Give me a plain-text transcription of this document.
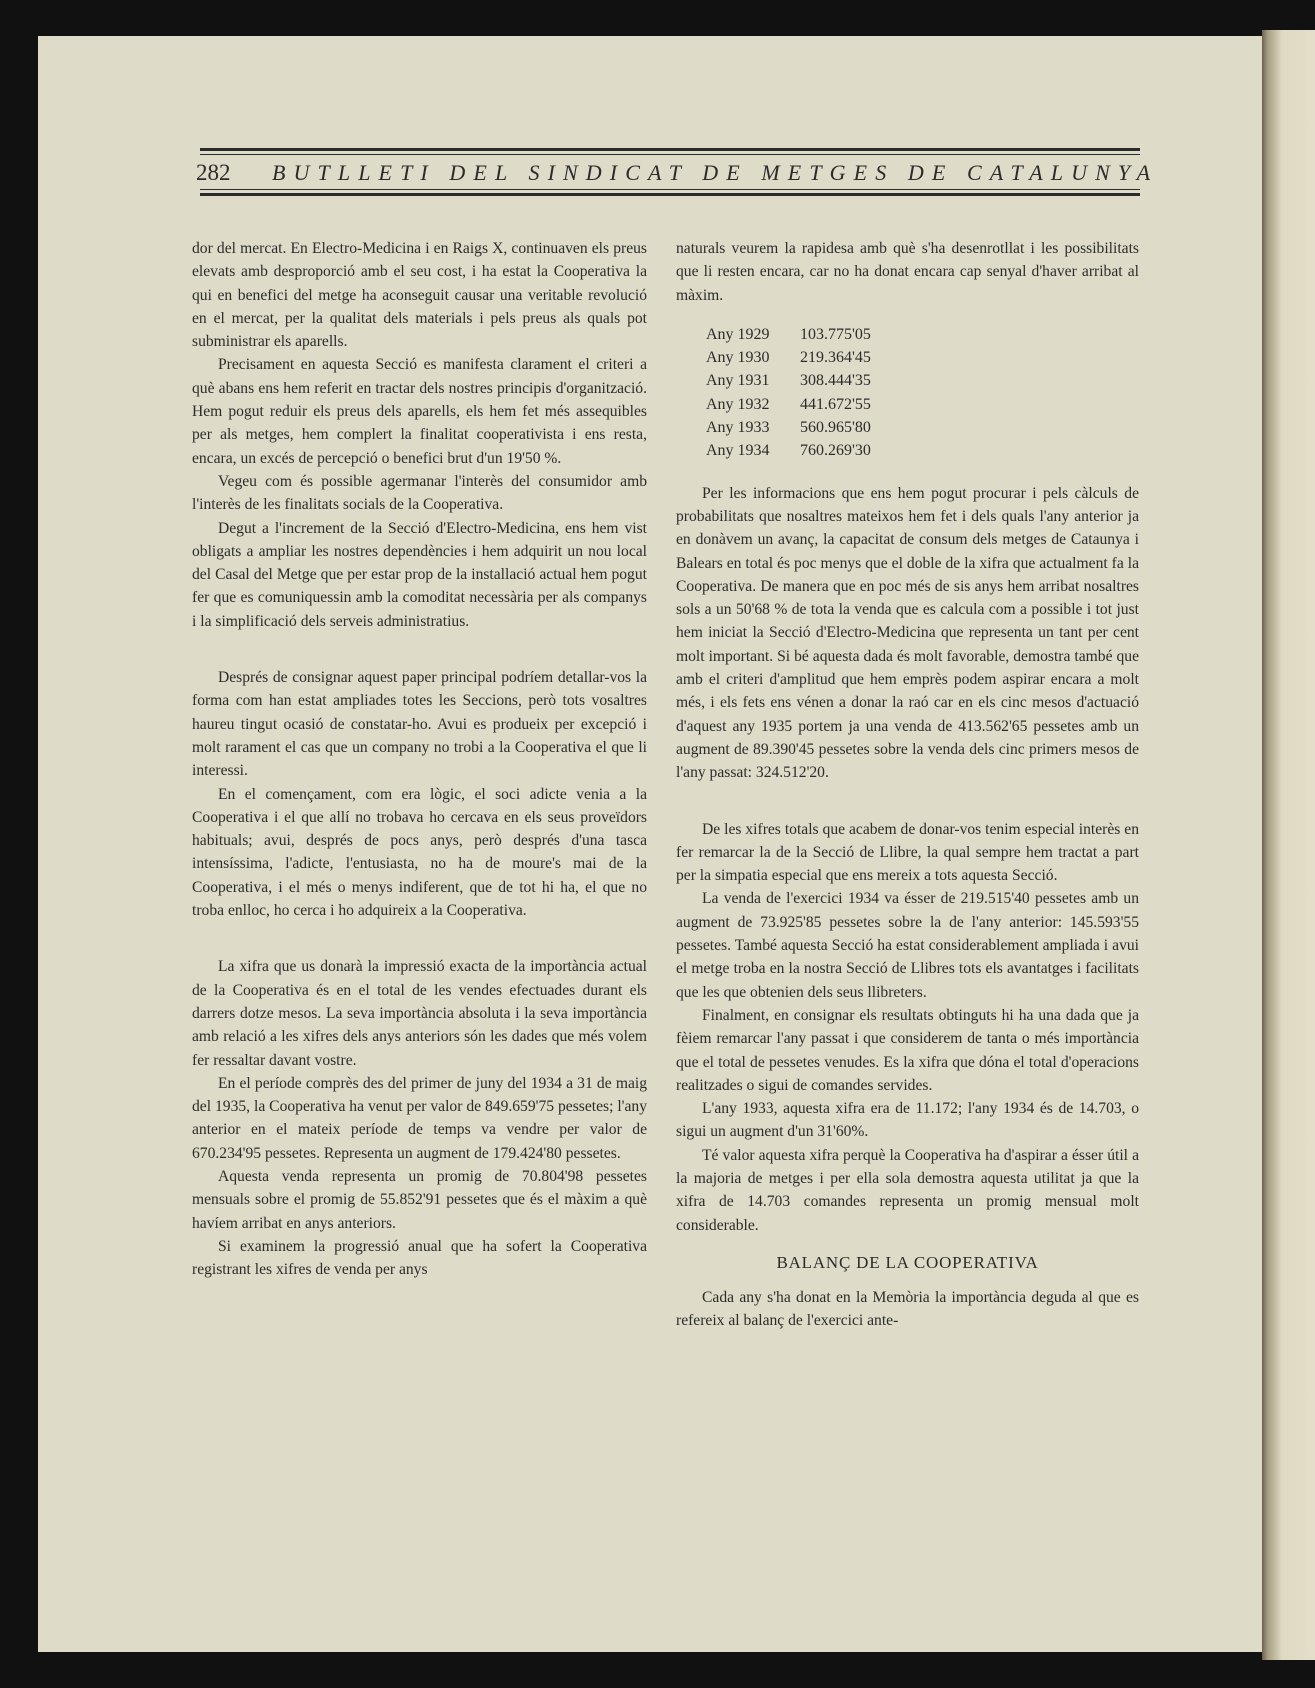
282 BUTLLETI DEL SINDICAT DE METGES DE CATALUNYA

dor del mercat. En Electro-Medicina i en Raigs X, continuaven els preus elevats amb desproporció amb el seu cost, i ha estat la Cooperativa la qui en benefici del metge ha aconseguit causar una veritable revolució en el mercat, per la qualitat dels materials i pels preus als quals pot subministrar els aparells.

Precisament en aquesta Secció es manifesta clarament el criteri a què abans ens hem referit en tractar dels nostres principis d'organització. Hem pogut reduir els preus dels aparells, els hem fet més assequibles per als metges, hem complert la finalitat cooperativista i ens resta, encara, un excés de percepció o benefici brut d'un 19'50 %.

Vegeu com és possible agermanar l'interès del consumidor amb l'interès de les finalitats socials de la Cooperativa.

Degut a l'increment de la Secció d'Electro-Medicina, ens hem vist obligats a ampliar les nostres dependències i hem adquirit un nou local del Casal del Metge que per estar prop de la installació actual hem pogut fer que es comuniquessin amb la comoditat necessària per als companys i la simplificació dels serveis administratius.

Després de consignar aquest paper principal podríem detallar-vos la forma com han estat ampliades totes les Seccions, però tots vosaltres haureu tingut ocasió de constatar-ho. Avui es produeix per excepció i molt rarament el cas que un company no trobi a la Cooperativa el que li interessi.

En el començament, com era lògic, el soci adicte venia a la Cooperativa i el que allí no trobava ho cercava en els seus proveïdors habituals; avui, després de pocs anys, però després d'una tasca intensíssima, l'adicte, l'entusiasta, no ha de moure's mai de la Cooperativa, i el més o menys indiferent, que de tot hi ha, el que no troba enlloc, ho cerca i ho adquireix a la Cooperativa.

La xifra que us donarà la impressió exacta de la importància actual de la Cooperativa és en el total de les vendes efectuades durant els darrers dotze mesos. La seva importància absoluta i la seva importància amb relació a les xifres dels anys anteriors són les dades que més volem fer ressaltar davant vostre.

En el període comprès des del primer de juny del 1934 a 31 de maig del 1935, la Cooperativa ha venut per valor de 849.659'75 pessetes; l'any anterior en el mateix període de temps va vendre per valor de 670.234'95 pessetes. Representa un augment de 179.424'80 pessetes.

Aquesta venda representa un promig de 70.804'98 pessetes mensuals sobre el promig de 55.852'91 pessetes que és el màxim a què havíem arribat en anys anteriors.

Si examinem la progressió anual que ha sofert la Cooperativa registrant les xifres de venda per anys

naturals veurem la rapidesa amb què s'ha desenrotllat i les possibilitats que li resten encara, car no ha donat encara cap senyal d'haver arribat al màxim.

Any 1929	103.775'05
Any 1930	219.364'45
Any 1931	308.444'35
Any 1932	441.672'55
Any 1933	560.965'80
Any 1934	760.269'30

Per les informacions que ens hem pogut procurar i pels càlculs de probabilitats que nosaltres mateixos hem fet i dels quals l'any anterior ja en donàvem un avanç, la capacitat de consum dels metges de Cataunya i Balears en total és poc menys que el doble de la xifra que actualment fa la Cooperativa. De manera que en poc més de sis anys hem arribat nosaltres sols a un 50'68 % de tota la venda que es calcula com a possible i tot just hem iniciat la Secció d'Electro-Medicina que representa un tant per cent molt important. Si bé aquesta dada és molt favorable, demostra també que amb el criteri d'amplitud que hem emprès podem aspirar encara a molt més, i els fets ens vénen a donar la raó car en els cinc mesos d'actuació d'aquest any 1935 portem ja una venda de 413.562'65 pessetes amb un augment de 89.390'45 pessetes sobre la venda dels cinc primers mesos de l'any passat: 324.512'20.

De les xifres totals que acabem de donar-vos tenim especial interès en fer remarcar la de la Secció de Llibre, la qual sempre hem tractat a part per la simpatia especial que ens mereix a tots aquesta Secció.

La venda de l'exercici 1934 va ésser de 219.515'40 pessetes amb un augment de 73.925'85 pessetes sobre la de l'any anterior: 145.593'55 pessetes. També aquesta Secció ha estat considerablement ampliada i avui el metge troba en la nostra Secció de Llibres tots els avantatges i facilitats que les que obtenien dels seus llibreters.

Finalment, en consignar els resultats obtinguts hi ha una dada que ja fèiem remarcar l'any passat i que considerem de tanta o més importància que el total de pessetes venudes. Es la xifra que dóna el total d'operacions realitzades o sigui de comandes servides.

L'any 1933, aquesta xifra era de 11.172; l'any 1934 és de 14.703, o sigui un augment d'un 31'60%.

Té valor aquesta xifra perquè la Cooperativa ha d'aspirar a ésser útil a la majoria de metges i per ella sola demostra aquesta utilitat ja que la xifra de 14.703 comandes representa un promig mensual molt considerable.

BALANÇ DE LA COOPERATIVA

Cada any s'ha donat en la Memòria la importància deguda al que es refereix al balanç de l'exercici ante-
